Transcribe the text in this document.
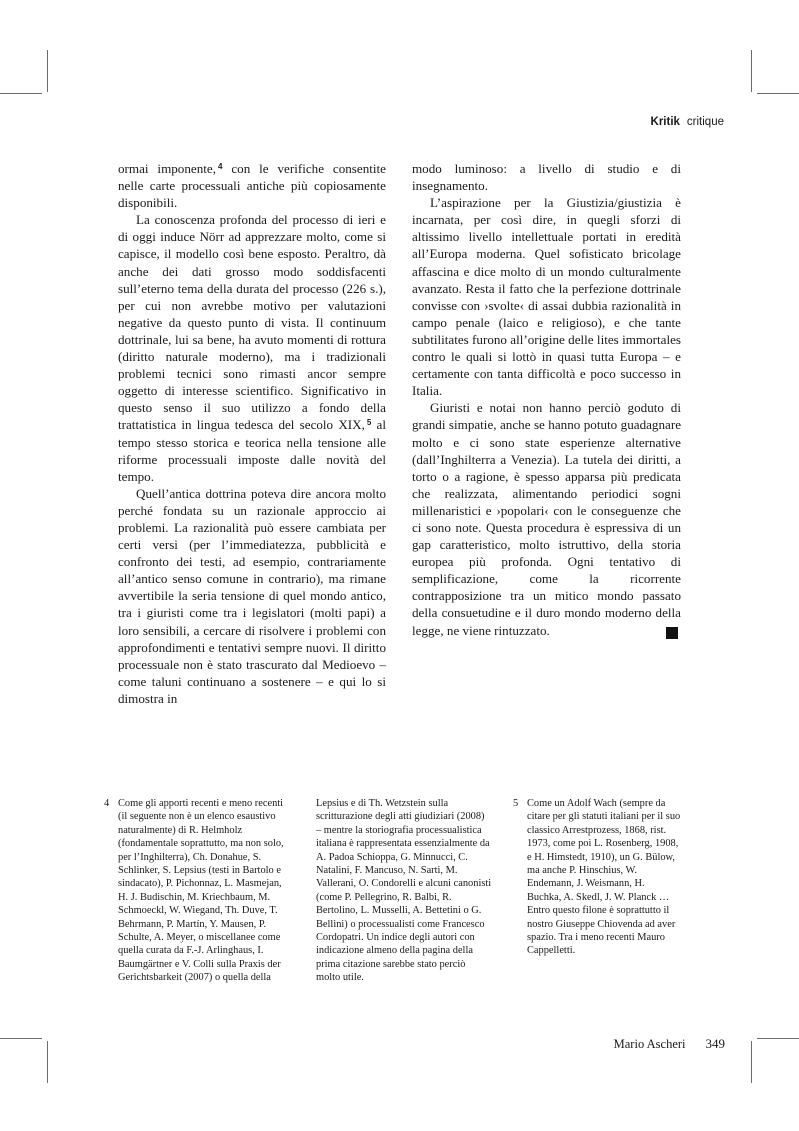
Kritik critique

ormai imponente, $^4$ con le verifiche consentite nelle carte processuali antiche più copiosamente disponibili.

La conoscenza profonda del processo di ieri e di oggi induce Nörr ad apprezzare molto, come si capisce, il modello così bene esposto. Peraltro, dà anche dei dati grosso modo soddisfacenti sull’eterno tema della durata del processo (226 s.), per cui non avrebbe motivo per valutazioni negative da questo punto di vista. Il continuum dottrinale, lui sa bene, ha avuto momenti di rottura (diritto naturale moderno), ma i tradizionali problemi tecnici sono rimasti ancor sempre oggetto di interesse scientifico. Significativo in questo senso il suo utilizzo a fondo della trattatistica in lingua tedesca del secolo XIX, $^5$ al tempo stesso storica e teorica nella tensione alle riforme processuali imposte dalle novità del tempo.

Quell’antica dottrina poteva dire ancora molto perché fondata su un razionale approccio ai problemi. La razionalità può essere cambiata per certi versi (per l’immediatezza, pubblicità e confronto dei testi, ad esempio, contrariamente all’antico senso comune in contrario), ma rimane avvertibile la seria tensione di quel mondo antico, tra i giuristi come tra i legislatori (molti papi) a loro sensibili, a cercare di risolvere i problemi con approfondimenti e tentativi sempre nuovi. Il diritto processuale non è stato trascurato dal Medioevo – come taluni continuano a sostenere – e qui lo si dimostra in

modo luminoso: a livello di studio e di insegnamento.

L’aspirazione per la Giustizia/giustizia è incarnata, per così dire, in quegli sforzi di altissimo livello intellettuale portati in eredità all’Europa moderna. Quel sofisticato bricolage affascina e dice molto di un mondo culturalmente avanzato. Resta il fatto che la perfezione dottrinale convisse con ›svolte‹ di assai dubbia razionalità in campo penale (laico e religioso), e che tante subtilitates furono all’origine delle lites immortales contro le quali si lottò in quasi tutta Europa – e certamente con tanta difficoltà e poco successo in Italia.

Giuristi e notai non hanno perciò goduto di grandi simpatie, anche se hanno potuto guadagnare molto e ci sono state esperienze alternative (dall’Inghilterra a Venezia). La tutela dei diritti, a torto o a ragione, è spesso apparsa più predicata che realizzata, alimentando periodici sogni millenaristici e ›popolari‹ con le conseguenze che ci sono note. Questa procedura è espressiva di un gap caratteristico, molto istruttivo, della storia europea più profonda. Ogni tentativo di semplificazione, come la ricorrente contrapposizione tra un mitico mondo passato della consuetudine e il duro mondo moderno della legge, ne viene rintuzzato.

4 Come gli apporti recenti e meno recenti (il seguente non è un elenco esaustivo naturalmente) di R. Helmholz (fondamentale soprattutto, ma non solo, per l’Inghilterra), Ch. Donahue, S. Schlinker, S. Lepsius (testi in Bartolo e sindacato), P. Pichonnaz, L. Masmejan, H. J. Budischin, M. Kriechbaum, M. Schmoeckl, W. Wiegand, Th. Duve, T. Behrmann, P. Martín, Y. Mausen, P. Schulte, A. Meyer, o miscellanee come quella curata da F.-J. Arlinghaus, I. Baumgärtner e V. Colli sulla Praxis der Gerichtsbarkeit (2007) o quella della
Lepsius e di Th. Wetzstein sulla scritturazione degli atti giudiziari (2008) – mentre la storiografia processualistica italiana è rappresentata essenzialmente da A. Padoa Schioppa, G. Minnucci, C. Natalini, F. Mancuso, N. Sarti, M. Vallerani, O. Condorelli e alcuni canonisti (come P. Pellegrino, R. Balbi, R. Bertolino, L. Musselli, A. Bettetini o G. Bellini) o processualisti come Francesco Cordopatri. Un indice degli autori con indicazione almeno della pagina della prima citazione sarebbe stato perciò molto utile.
5 Come un Adolf Wach (sempre da citare per gli statuti italiani per il suo classico Arrestprozess, 1868, rist. 1973, come poi L. Rosenberg, 1908, e H. Himstedt, 1910), un G. Bülow, ma anche P. Hinschius, W. Endemann, J. Weismann, H. Buchka, A. Skedl, J. W. Planck … Entro questo filone è soprattutto il nostro Giuseppe Chiovenda ad aver spazio. Tra i meno recenti Mauro Cappelletti.
Mario Ascheri 349
